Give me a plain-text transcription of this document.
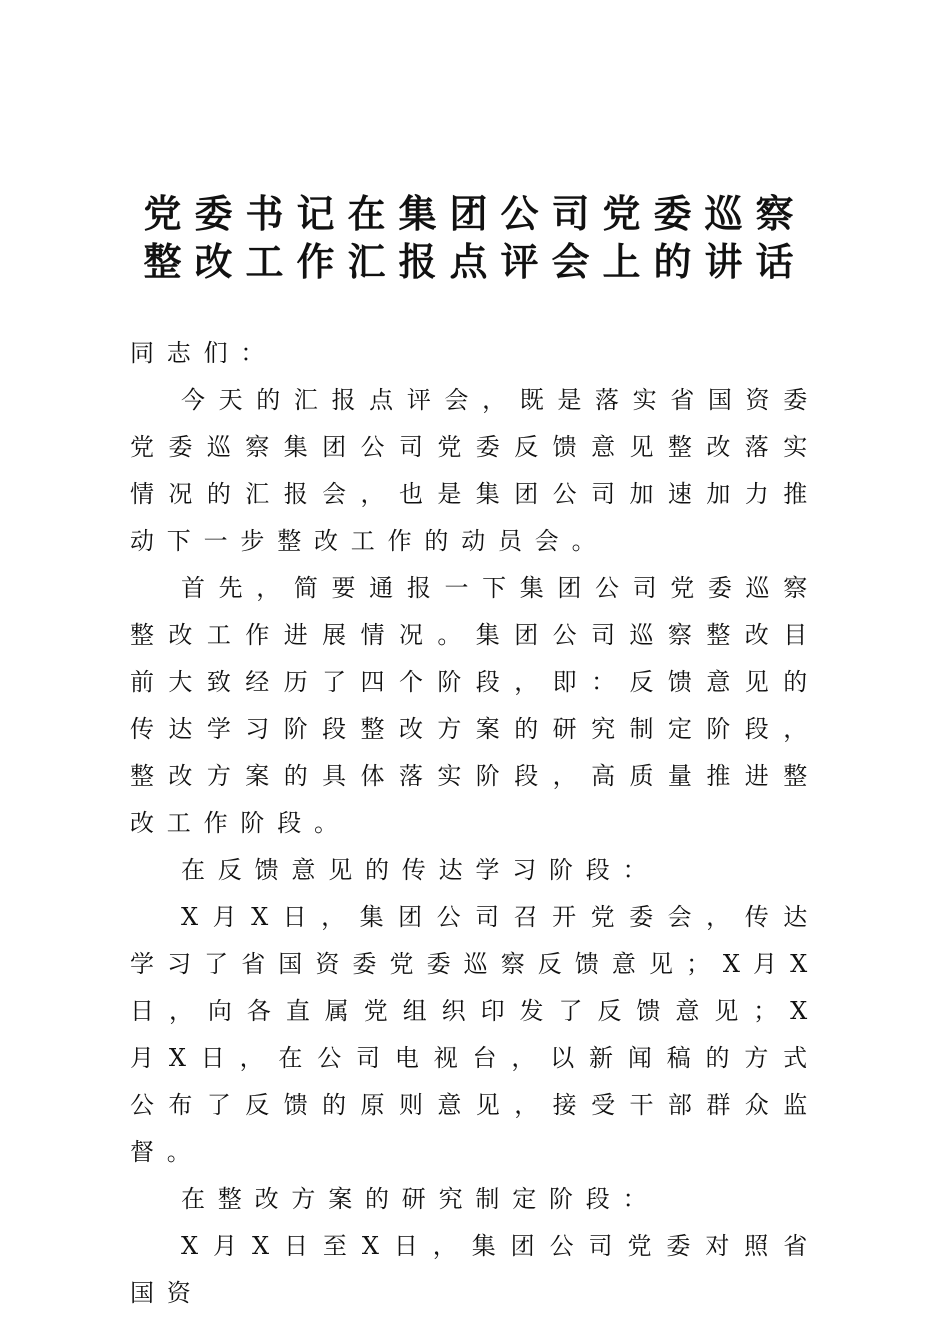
党委书记在集团公司党委巡察
整改工作汇报点评会上的讲话

同志们：

今天的汇报点评会，既是落实省国资委党委巡察集团公司党委反馈意见整改落实情况的汇报会，也是集团公司加速加力推动下一步整改工作的动员会。

首先，简要通报一下集团公司党委巡察整改工作进展情况。集团公司巡察整改目前大致经历了四个阶段，即：反馈意见的传达学习阶段整改方案的研究制定阶段，整改方案的具体落实阶段，高质量推进整改工作阶段。

在反馈意见的传达学习阶段：

X月X日，集团公司召开党委会，传达学习了省国资委党委巡察反馈意见；X月X日，向各直属党组织印发了反馈意见；X月X日，在公司电视台，以新闻稿的方式公布了反馈的原则意见，接受干部群众监督。

在整改方案的研究制定阶段：

X月X日至X日，集团公司党委对照省国资
